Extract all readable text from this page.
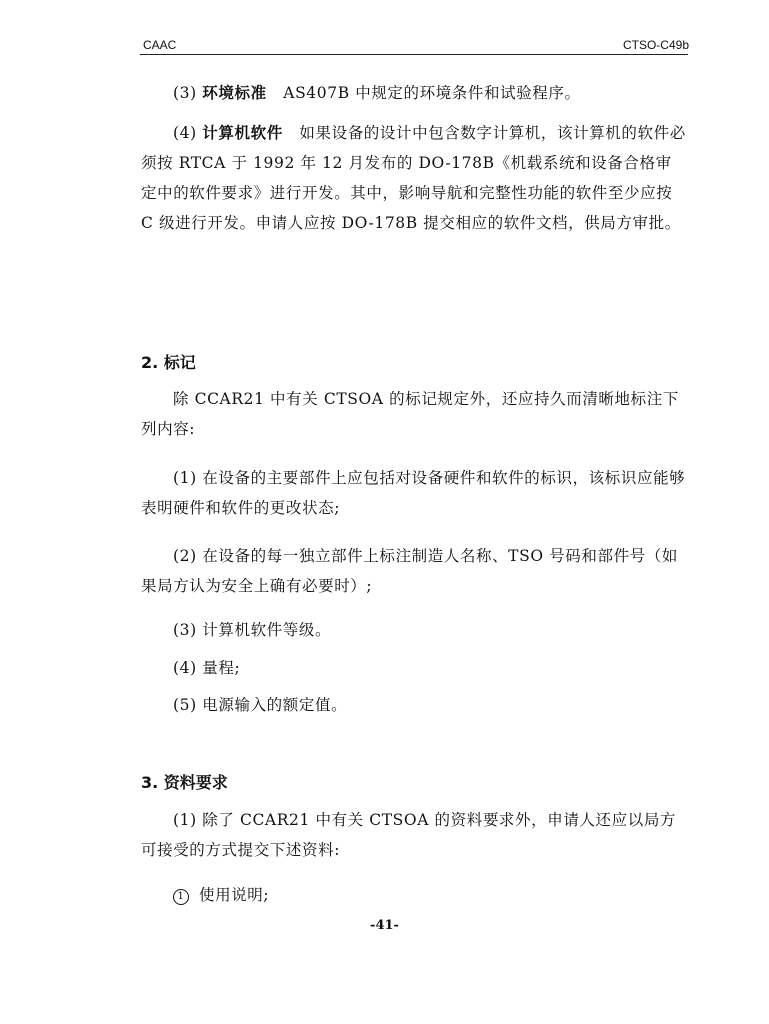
CAAC	CTSO-C49b

(3) 环境标准 AS407B 中规定的环境条件和试验程序。

(4) 计算机软件 如果设备的设计中包含数字计算机，该计算机的软件必须按 RTCA 于 1992 年 12 月发布的 DO-178B《机载系统和设备合格审定中的软件要求》进行开发。其中，影响导航和完整性功能的软件至少应按 C 级进行开发。申请人应按 DO-178B 提交相应的软件文档，供局方审批。

2. 标记

除 CCAR21 中有关 CTSOA 的标记规定外，还应持久而清晰地标注下列内容:

(1) 在设备的主要部件上应包括对设备硬件和软件的标识，该标识应能够表明硬件和软件的更改状态;

(2) 在设备的每一独立部件上标注制造人名称、TSO 号码和部件号（如果局方认为安全上确有必要时）;

(3) 计算机软件等级。

(4) 量程;

(5) 电源输入的额定值。

3. 资料要求

(1) 除了 CCAR21 中有关 CTSOA 的资料要求外，申请人还应以局方可接受的方式提交下述资料:

1 使用说明;

-41-
